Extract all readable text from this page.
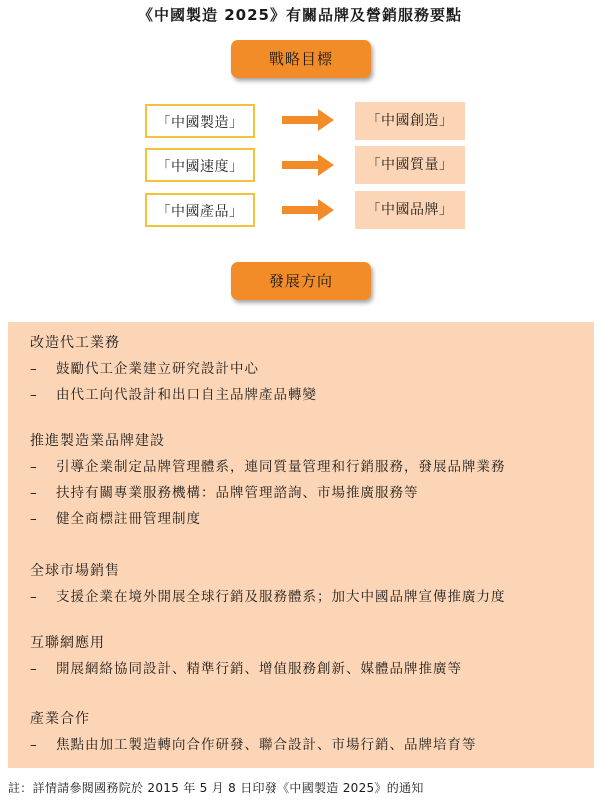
《中國製造 2025》有關品牌及營銷服務要點
戰略目標
「中國製造」	「中國創造」
「中國速度」	「中國質量」
「中國產品」	「中國品牌」
發展方向
改造代工業務
– 鼓勵代工企業建立研究設計中心
– 由代工向代設計和出口自主品牌產品轉變
推進製造業品牌建設
– 引導企業制定品牌管理體系，連同質量管理和行銷服務，發展品牌業務
– 扶持有關專業服務機構：品牌管理諮詢、市場推廣服務等
– 健全商標註冊管理制度
全球市場銷售
– 支援企業在境外開展全球行銷及服務體系；加大中國品牌宣傳推廣力度
互聯網應用
– 開展網絡協同設計、精準行銷、增值服務創新、媒體品牌推廣等
產業合作
– 焦點由加工製造轉向合作研發、聯合設計、市場行銷、品牌培育等
註：詳情請參閱國務院於 2015 年 5 月 8 日印發《中國製造 2025》的通知
